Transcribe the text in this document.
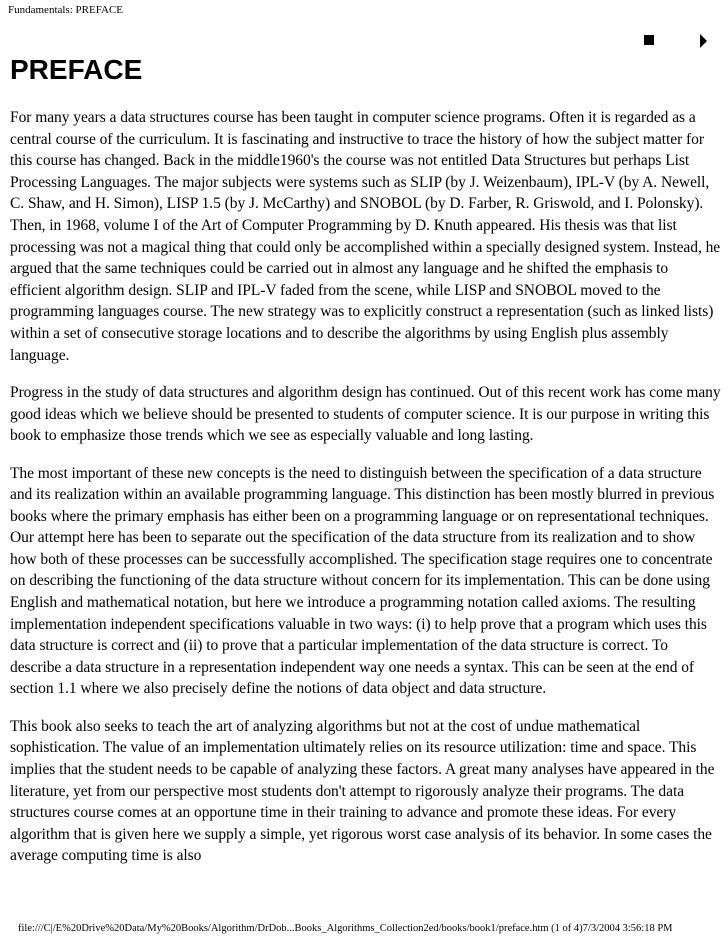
Fundamentals: PREFACE
PREFACE

For many years a data structures course has been taught in computer science programs. Often it is regarded as a central course of the curriculum. It is fascinating and instructive to trace the history of how the subject matter for this course has changed. Back in the middle1960's the course was not entitled Data Structures but perhaps List Processing Languages. The major subjects were systems such as SLIP (by J. Weizenbaum), IPL-V (by A. Newell, C. Shaw, and H. Simon), LISP 1.5 (by J. McCarthy) and SNOBOL (by D. Farber, R. Griswold, and I. Polonsky). Then, in 1968, volume I of the Art of Computer Programming by D. Knuth appeared. His thesis was that list processing was not a magical thing that could only be accomplished within a specially designed system. Instead, he argued that the same techniques could be carried out in almost any language and he shifted the emphasis to efficient algorithm design. SLIP and IPL-V faded from the scene, while LISP and SNOBOL moved to the programming languages course. The new strategy was to explicitly construct a representation (such as linked lists) within a set of consecutive storage locations and to describe the algorithms by using English plus assembly language.

Progress in the study of data structures and algorithm design has continued. Out of this recent work has come many good ideas which we believe should be presented to students of computer science. It is our purpose in writing this book to emphasize those trends which we see as especially valuable and long lasting.

The most important of these new concepts is the need to distinguish between the specification of a data structure and its realization within an available programming language. This distinction has been mostly blurred in previous books where the primary emphasis has either been on a programming language or on representational techniques. Our attempt here has been to separate out the specification of the data structure from its realization and to show how both of these processes can be successfully accomplished. The specification stage requires one to concentrate on describing the functioning of the data structure without concern for its implementation. This can be done using English and mathematical notation, but here we introduce a programming notation called axioms. The resulting implementation independent specifications valuable in two ways: (i) to help prove that a program which uses this data structure is correct and (ii) to prove that a particular implementation of the data structure is correct. To describe a data structure in a representation independent way one needs a syntax. This can be seen at the end of section 1.1 where we also precisely define the notions of data object and data structure.

This book also seeks to teach the art of analyzing algorithms but not at the cost of undue mathematical sophistication. The value of an implementation ultimately relies on its resource utilization: time and space. This implies that the student needs to be capable of analyzing these factors. A great many analyses have appeared in the literature, yet from our perspective most students don't attempt to rigorously analyze their programs. The data structures course comes at an opportune time in their training to advance and promote these ideas. For every algorithm that is given here we supply a simple, yet rigorous worst case analysis of its behavior. In some cases the average computing time is also

file:///C|/E%20Drive%20Data/My%20Books/Algorithm/DrDob...Books_Algorithms_Collection2ed/books/book1/preface.htm (1 of 4)7/3/2004 3:56:18 PM
